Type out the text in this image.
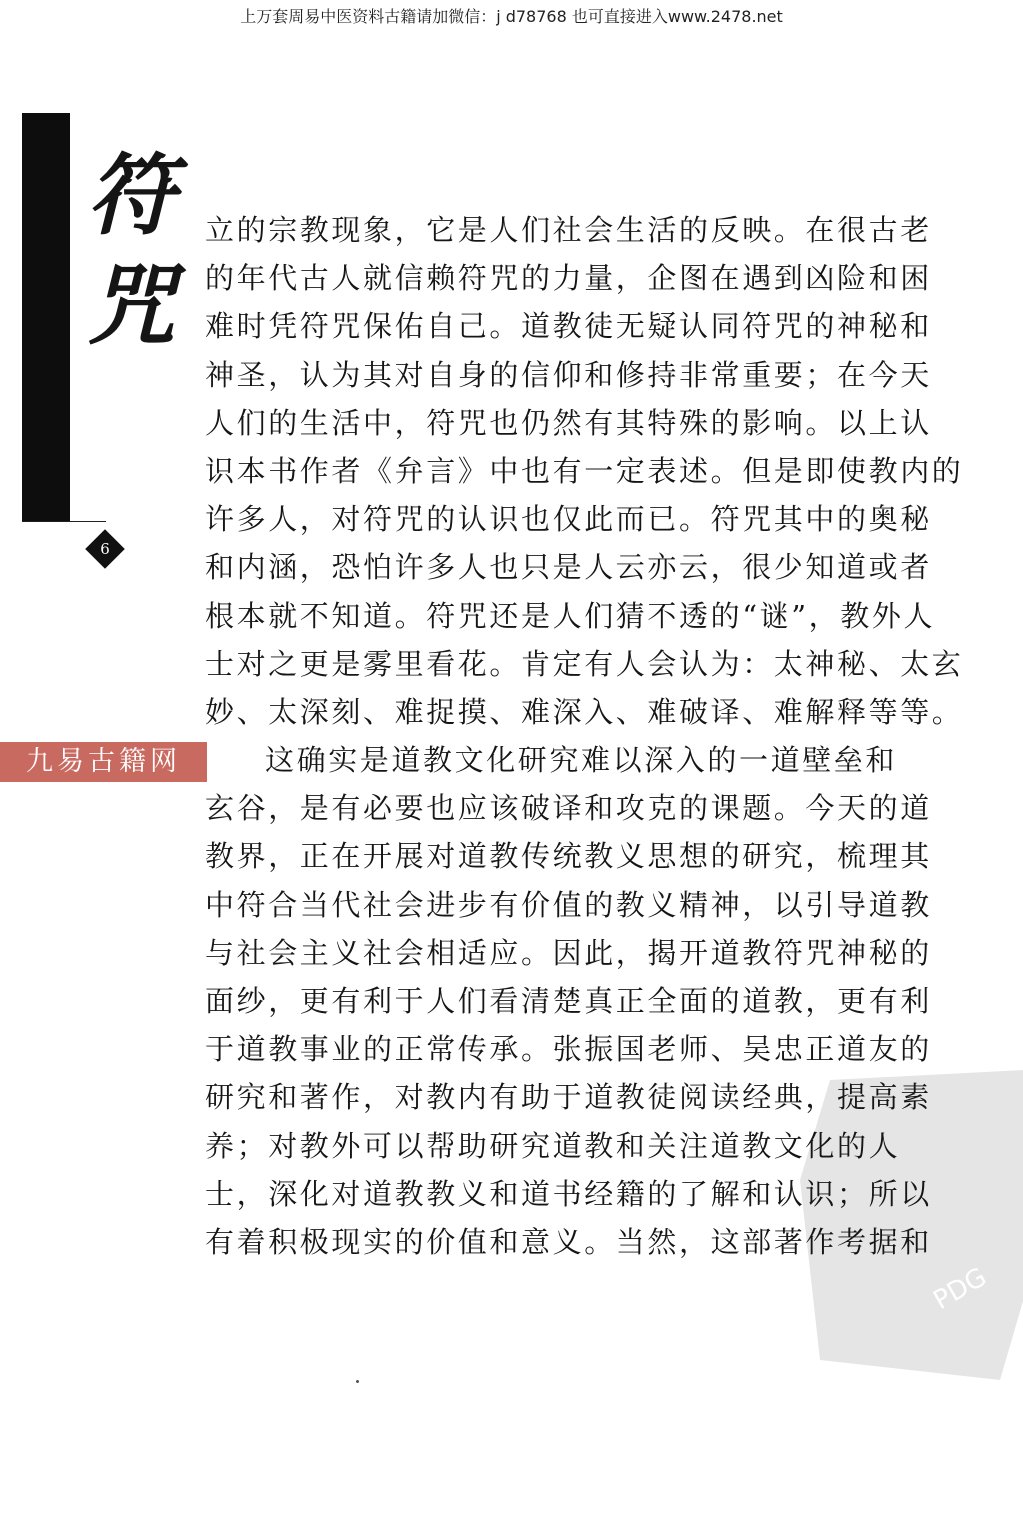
上万套周易中医资料古籍请加微信：j d78768 也可直接进入www.2478.net
符
咒
6
九易古籍网
PDG
立的宗教现象，它是人们社会生活的反映。在很古老
的年代古人就信赖符咒的力量，企图在遇到凶险和困
难时凭符咒保佑自己。道教徒无疑认同符咒的神秘和
神圣，认为其对自身的信仰和修持非常重要；在今天
人们的生活中，符咒也仍然有其特殊的影响。以上认
识本书作者《弁言》中也有一定表述。但是即使教内的
许多人，对符咒的认识也仅此而已。符咒其中的奥秘
和内涵，恐怕许多人也只是人云亦云，很少知道或者
根本就不知道。符咒还是人们猜不透的“谜”，教外人
士对之更是雾里看花。肯定有人会认为：太神秘、太玄
妙、太深刻、难捉摸、难深入、难破译、难解释等等。
这确实是道教文化研究难以深入的一道壁垒和
玄谷，是有必要也应该破译和攻克的课题。今天的道
教界，正在开展对道教传统教义思想的研究，梳理其
中符合当代社会进步有价值的教义精神，以引导道教
与社会主义社会相适应。因此，揭开道教符咒神秘的
面纱，更有利于人们看清楚真正全面的道教，更有利
于道教事业的正常传承。张振国老师、吴忠正道友的
研究和著作，对教内有助于道教徒阅读经典，提高素
养；对教外可以帮助研究道教和关注道教文化的人
士，深化对道教教义和道书经籍的了解和认识；所以
有着积极现实的价值和意义。当然，这部著作考据和
